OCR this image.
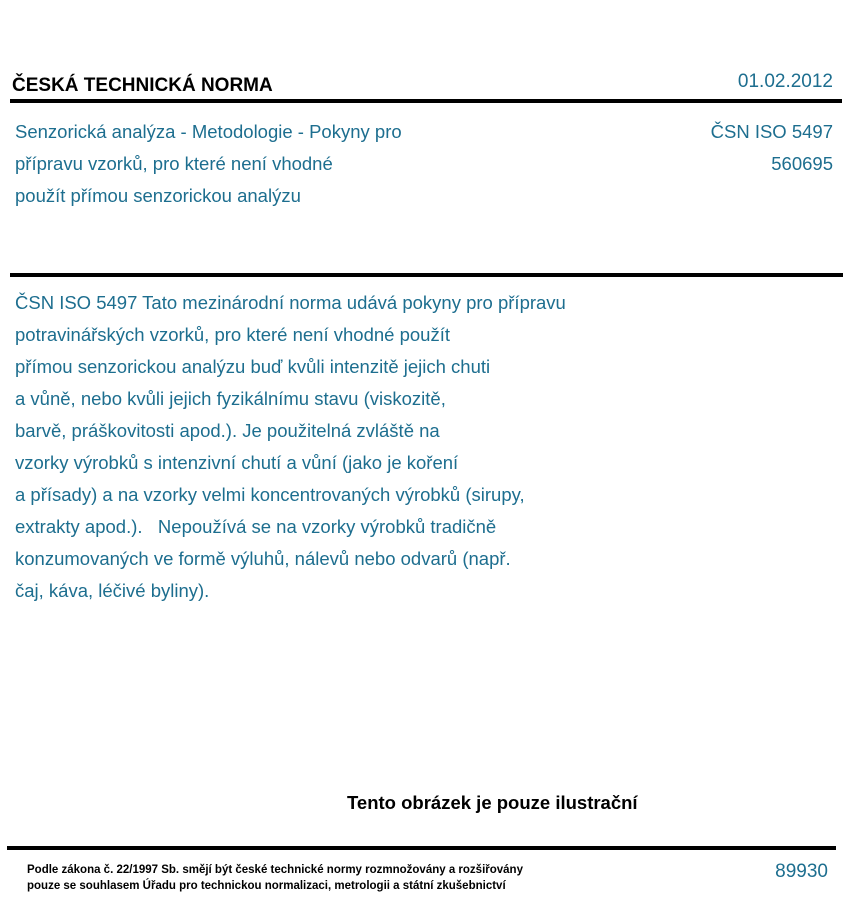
ČESKÁ TECHNICKÁ NORMA	01.02.2012
Senzorická analýza - Metodologie - Pokyny pro
přípravu vzorků, pro které není vhodné
použít přímou senzorickou analýzu
ČSN ISO 5497
560695
ČSN ISO 5497 Tato mezinárodní norma udává pokyny pro přípravu
potravinářských vzorků, pro které není vhodné použít
přímou senzorickou analýzu buď kvůli intenzitě jejich chuti
a vůně, nebo kvůli jejich fyzikálnímu stavu (viskozitě,
barvě, práškovitosti apod.). Je použitelná zvláště na
vzorky výrobků s intenzivní chutí a vůní (jako je koření
a přísady) a na vzorky velmi koncentrovaných výrobků (sirupy,
extrakty apod.).   Nepoužívá se na vzorky výrobků tradičně
konzumovaných ve formě výluhů, nálevů nebo odvarů (např.
čaj, káva, léčivé byliny).
Tento obrázek je pouze ilustrační
Podle zákona č. 22/1997 Sb. smějí být české technické normy rozmnožovány a rozšiřovány
pouze se souhlasem Úřadu pro technickou normalizaci, metrologii a státní zkušebnictví
89930
